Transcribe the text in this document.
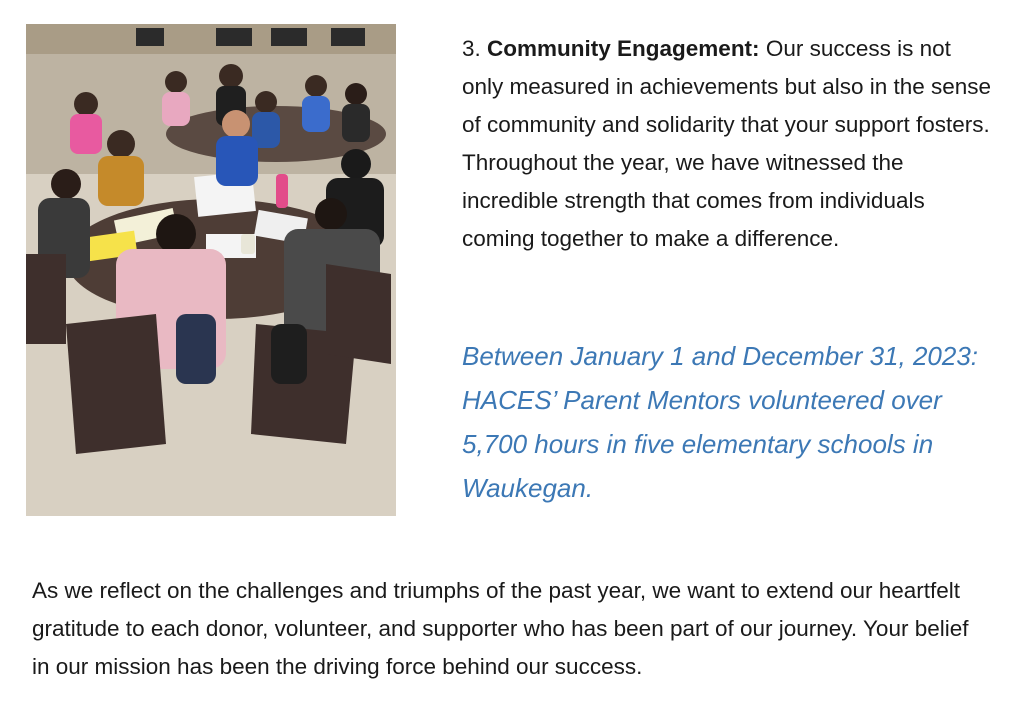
3. Community Engagement: Our success is not only measured in achievements but also in the sense of community and solidarity that your support fosters. Throughout the year, we have witnessed the incredible strength that comes from individuals coming together to make a difference.

Between January 1 and December 31, 2023: HACES’ Parent Mentors volunteered over 5,700 hours in five elementary schools in Waukegan.

As we reflect on the challenges and triumphs of the past year, we want to extend our heartfelt gratitude to each donor, volunteer, and supporter who has been part of our journey. Your belief in our mission has been the driving force behind our success.
